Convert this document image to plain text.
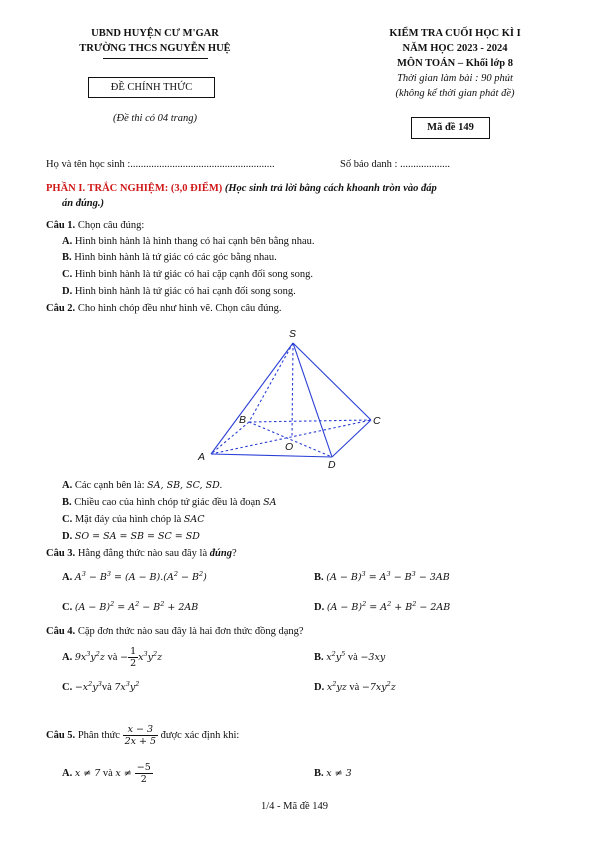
UBND HUYỆN CƯ M'GAR
TRƯỜNG THCS NGUYỄN HUỆ
ĐỀ CHÍNH THỨC
(Đề thi có 04 trang)
KIỂM TRA CUỐI HỌC KÌ I
NĂM HỌC 2023 - 2024
MÔN TOÁN – Khối lớp 8
Thời gian làm bài : 90 phút
(không kể thời gian phát đề)
Mã đề 149
Họ và tên học sinh :.......................................................	Số báo danh : ...................
PHẦN I. TRẮC NGHIỆM: (3,0 ĐIỂM) (Học sinh trả lời bằng cách khoanh tròn vào đáp
án đúng.)
Câu 1. Chọn câu đúng:
A. Hình bình hành là hình thang có hai cạnh bên bằng nhau.
B. Hình bình hành là tứ giác có các góc bằng nhau.
C. Hình bình hành là tứ giác có hai cặp cạnh đối song song.
D. Hình bình hành là tứ giác có hai cạnh đối song song.
Câu 2. Cho hình chóp đều như hình vẽ. Chọn câu đúng.
S
A
B	C
D
O
A. Các cạnh bên là: SA, SB, SC, SD.
B. Chiều cao của hình chóp tứ giác đều là đoạn SA
C. Mặt đáy của hình chóp là SAC
D. SO = SA = SB = SC = SD
Câu 3. Hằng đẳng thức nào sau đây là đúng?
A. $A^3 - B^3 = (A - B).(A^2 - B^2)$	B. $(A - B)^3 = A^3 - B^3 - 3AB$
C. $(A - B)^2 = A^2 - B^2 + 2AB$	D. $(A - B)^2 = A^2 + B^2 - 2AB$
Câu 4. Cặp đơn thức nào sau đây là hai đơn thức đồng dạng?
A. $9x^3y^2z$ và − $\frac{1}{2} x^3y^2z$	B. $x^2y^5$ và −3xy
C. $-x^2y^3và$ $7x^3y^2$	D. $x^2yz$ và $-7xy^2z$
Câu 5. Phân thức $\frac{x - 3}{2x + 5}$ được xác định khi:
A. x ≠ 7 và $x \ne \frac{-5}{2}$	B. x ≠ 3
1/4 - Mã đề 149
